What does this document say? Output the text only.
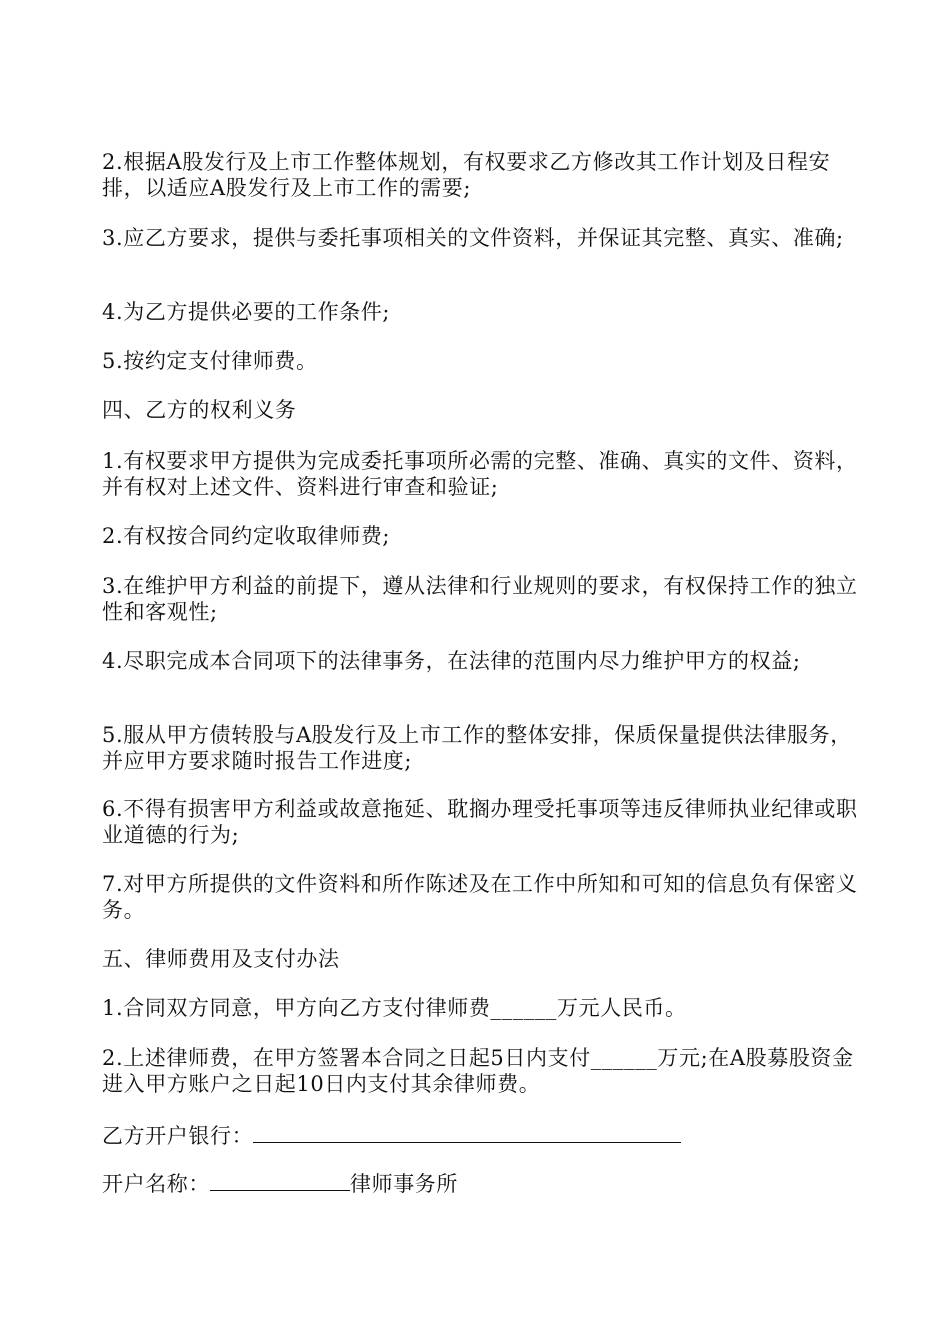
2.根据A股发行及上市工作整体规划，有权要求乙方修改其工作计划及日程安排，以适应A股发行及上市工作的需要;
3.应乙方要求，提供与委托事项相关的文件资料，并保证其完整、真实、准确;
4.为乙方提供必要的工作条件;
5.按约定支付律师费。
四、乙方的权利义务
1.有权要求甲方提供为完成委托事项所必需的完整、准确、真实的文件、资料，并有权对上述文件、资料进行审查和验证;
2.有权按合同约定收取律师费;
3.在维护甲方利益的前提下，遵从法律和行业规则的要求，有权保持工作的独立性和客观性;
4.尽职完成本合同项下的法律事务，在法律的范围内尽力维护甲方的权益;
5.服从甲方债转股与A股发行及上市工作的整体安排，保质保量提供法律服务，并应甲方要求随时报告工作进度;
6.不得有损害甲方利益或故意拖延、耽搁办理受托事项等违反律师执业纪律或职业道德的行为;
7.对甲方所提供的文件资料和所作陈述及在工作中所知和可知的信息负有保密义务。
五、律师费用及支付办法
1.合同双方同意，甲方向乙方支付律师费______万元人民币。
2.上述律师费，在甲方签署本合同之日起5日内支付______万元;在A股募股资金进入甲方账户之日起10日内支付其余律师费。
乙方开户银行：
开户名称：	律师事务所
